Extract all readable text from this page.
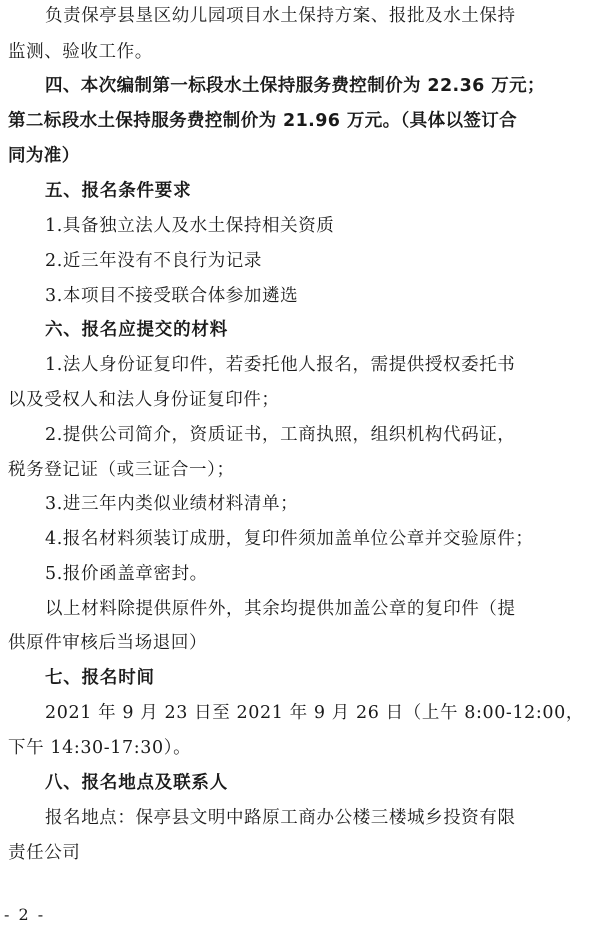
负责保亭县垦区幼儿园项目水土保持方案、报批及水土保持
监测、验收工作。
四、本次编制第一标段水土保持服务费控制价为 22.36 万元；
第二标段水土保持服务费控制价为 21.96 万元。（具体以签订合
同为准）
五、报名条件要求
1.具备独立法人及水土保持相关资质
2.近三年没有不良行为记录
3.本项目不接受联合体参加遴选
六、报名应提交的材料
1.法人身份证复印件，若委托他人报名，需提供授权委托书
以及受权人和法人身份证复印件；
2.提供公司简介，资质证书，工商执照，组织机构代码证，
税务登记证（或三证合一）；
3.进三年内类似业绩材料清单；
4.报名材料须装订成册，复印件须加盖单位公章并交验原件；
5.报价函盖章密封。
以上材料除提供原件外，其余均提供加盖公章的复印件（提
供原件审核后当场退回）
七、报名时间
2021 年 9 月 23 日至 2021 年 9 月 26 日（上午 8:00-12:00，
下午 14:30-17:30）。
八、报名地点及联系人
报名地点：保亭县文明中路原工商办公楼三楼城乡投资有限
责任公司
- 2 -
